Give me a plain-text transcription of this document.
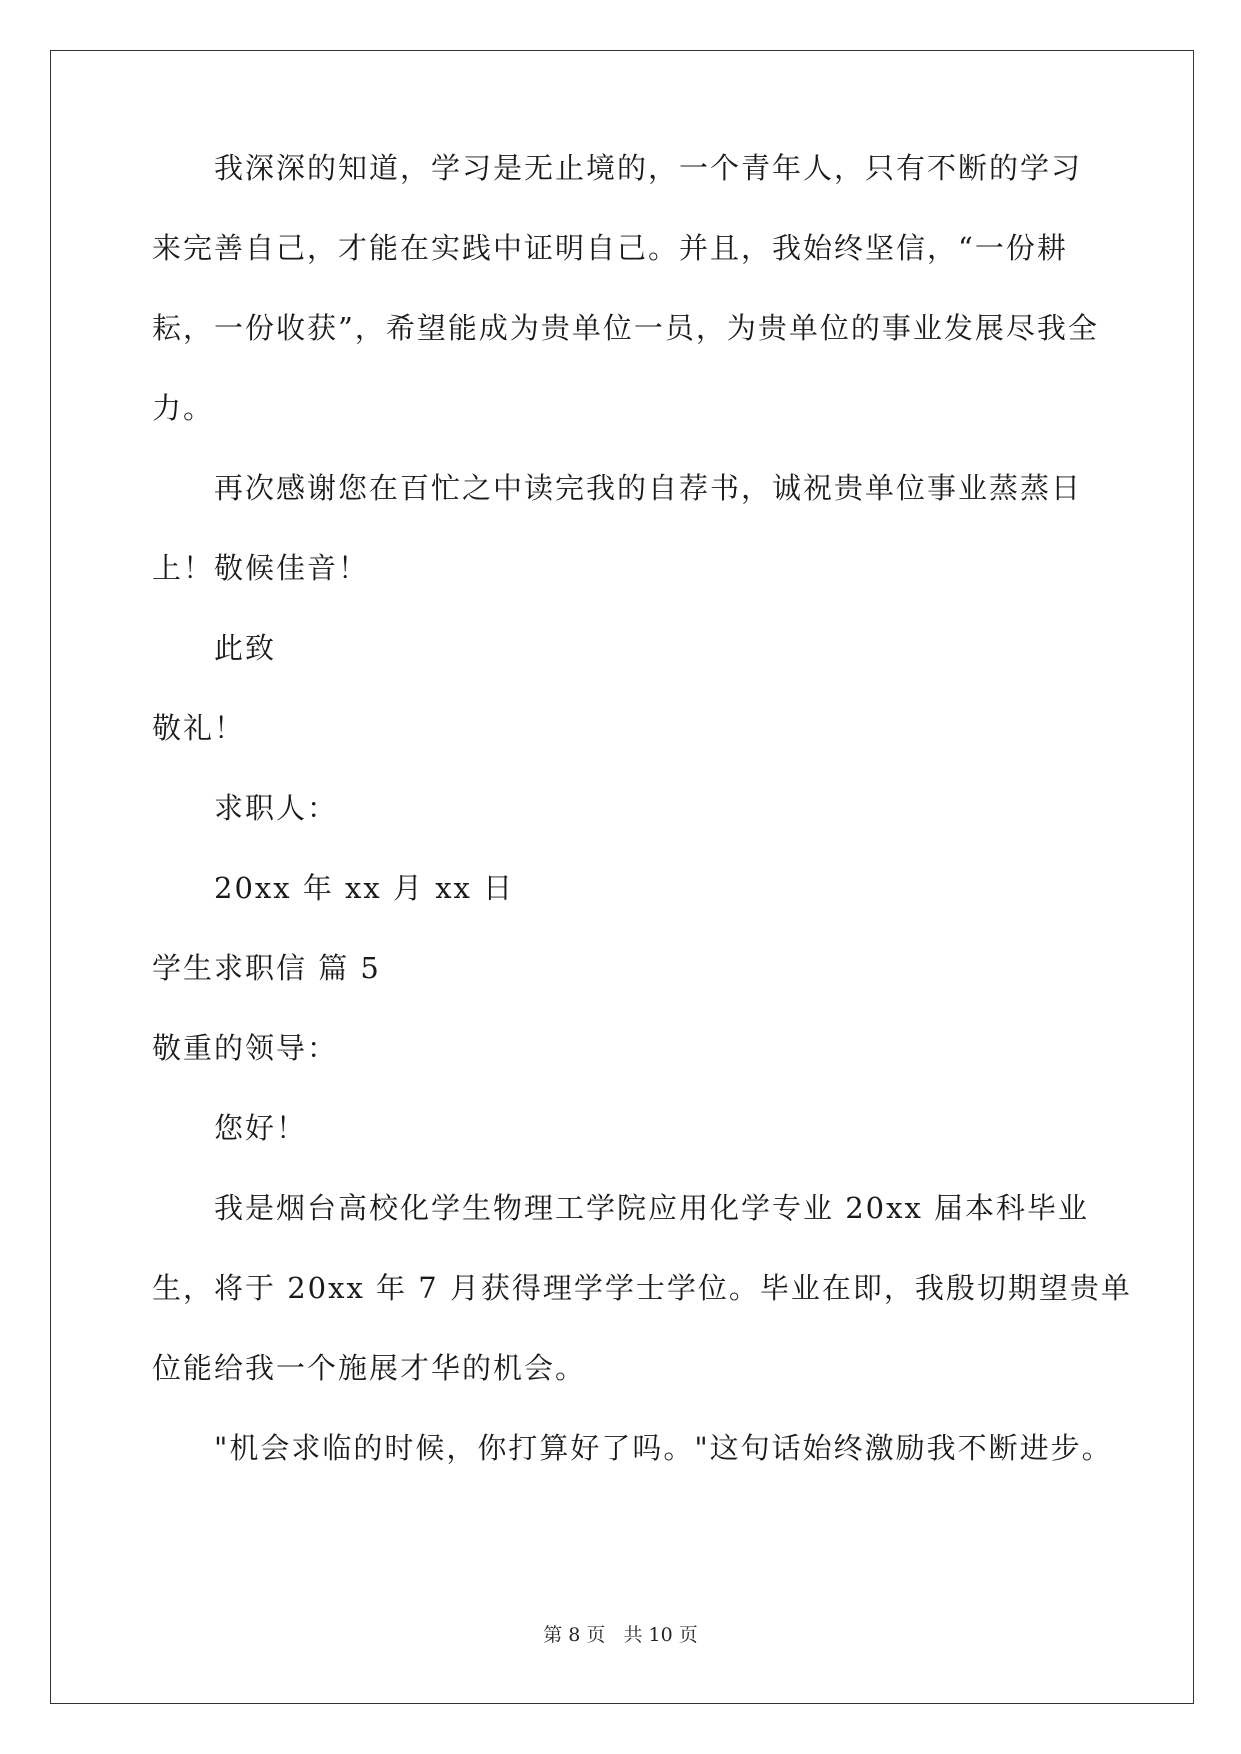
我深深的知道，学习是无止境的，一个青年人，只有不断的学习
来完善自己，才能在实践中证明自己。并且，我始终坚信，“一份耕
耘，一份收获”，希望能成为贵单位一员，为贵单位的事业发展尽我全
力。
再次感谢您在百忙之中读完我的自荐书，诚祝贵单位事业蒸蒸日
上！敬候佳音！
此致
敬礼！
求职人：
20xx 年 xx 月 xx 日
学生求职信 篇 5
敬重的领导：
您好！
我是烟台高校化学生物理工学院应用化学专业 20xx 届本科毕业
生，将于 20xx 年 7 月获得理学学士学位。毕业在即，我殷切期望贵单
位能给我一个施展才华的机会。
"机会求临的时候，你打算好了吗。"这句话始终激励我不断进步。
第 8 页 共 10 页
